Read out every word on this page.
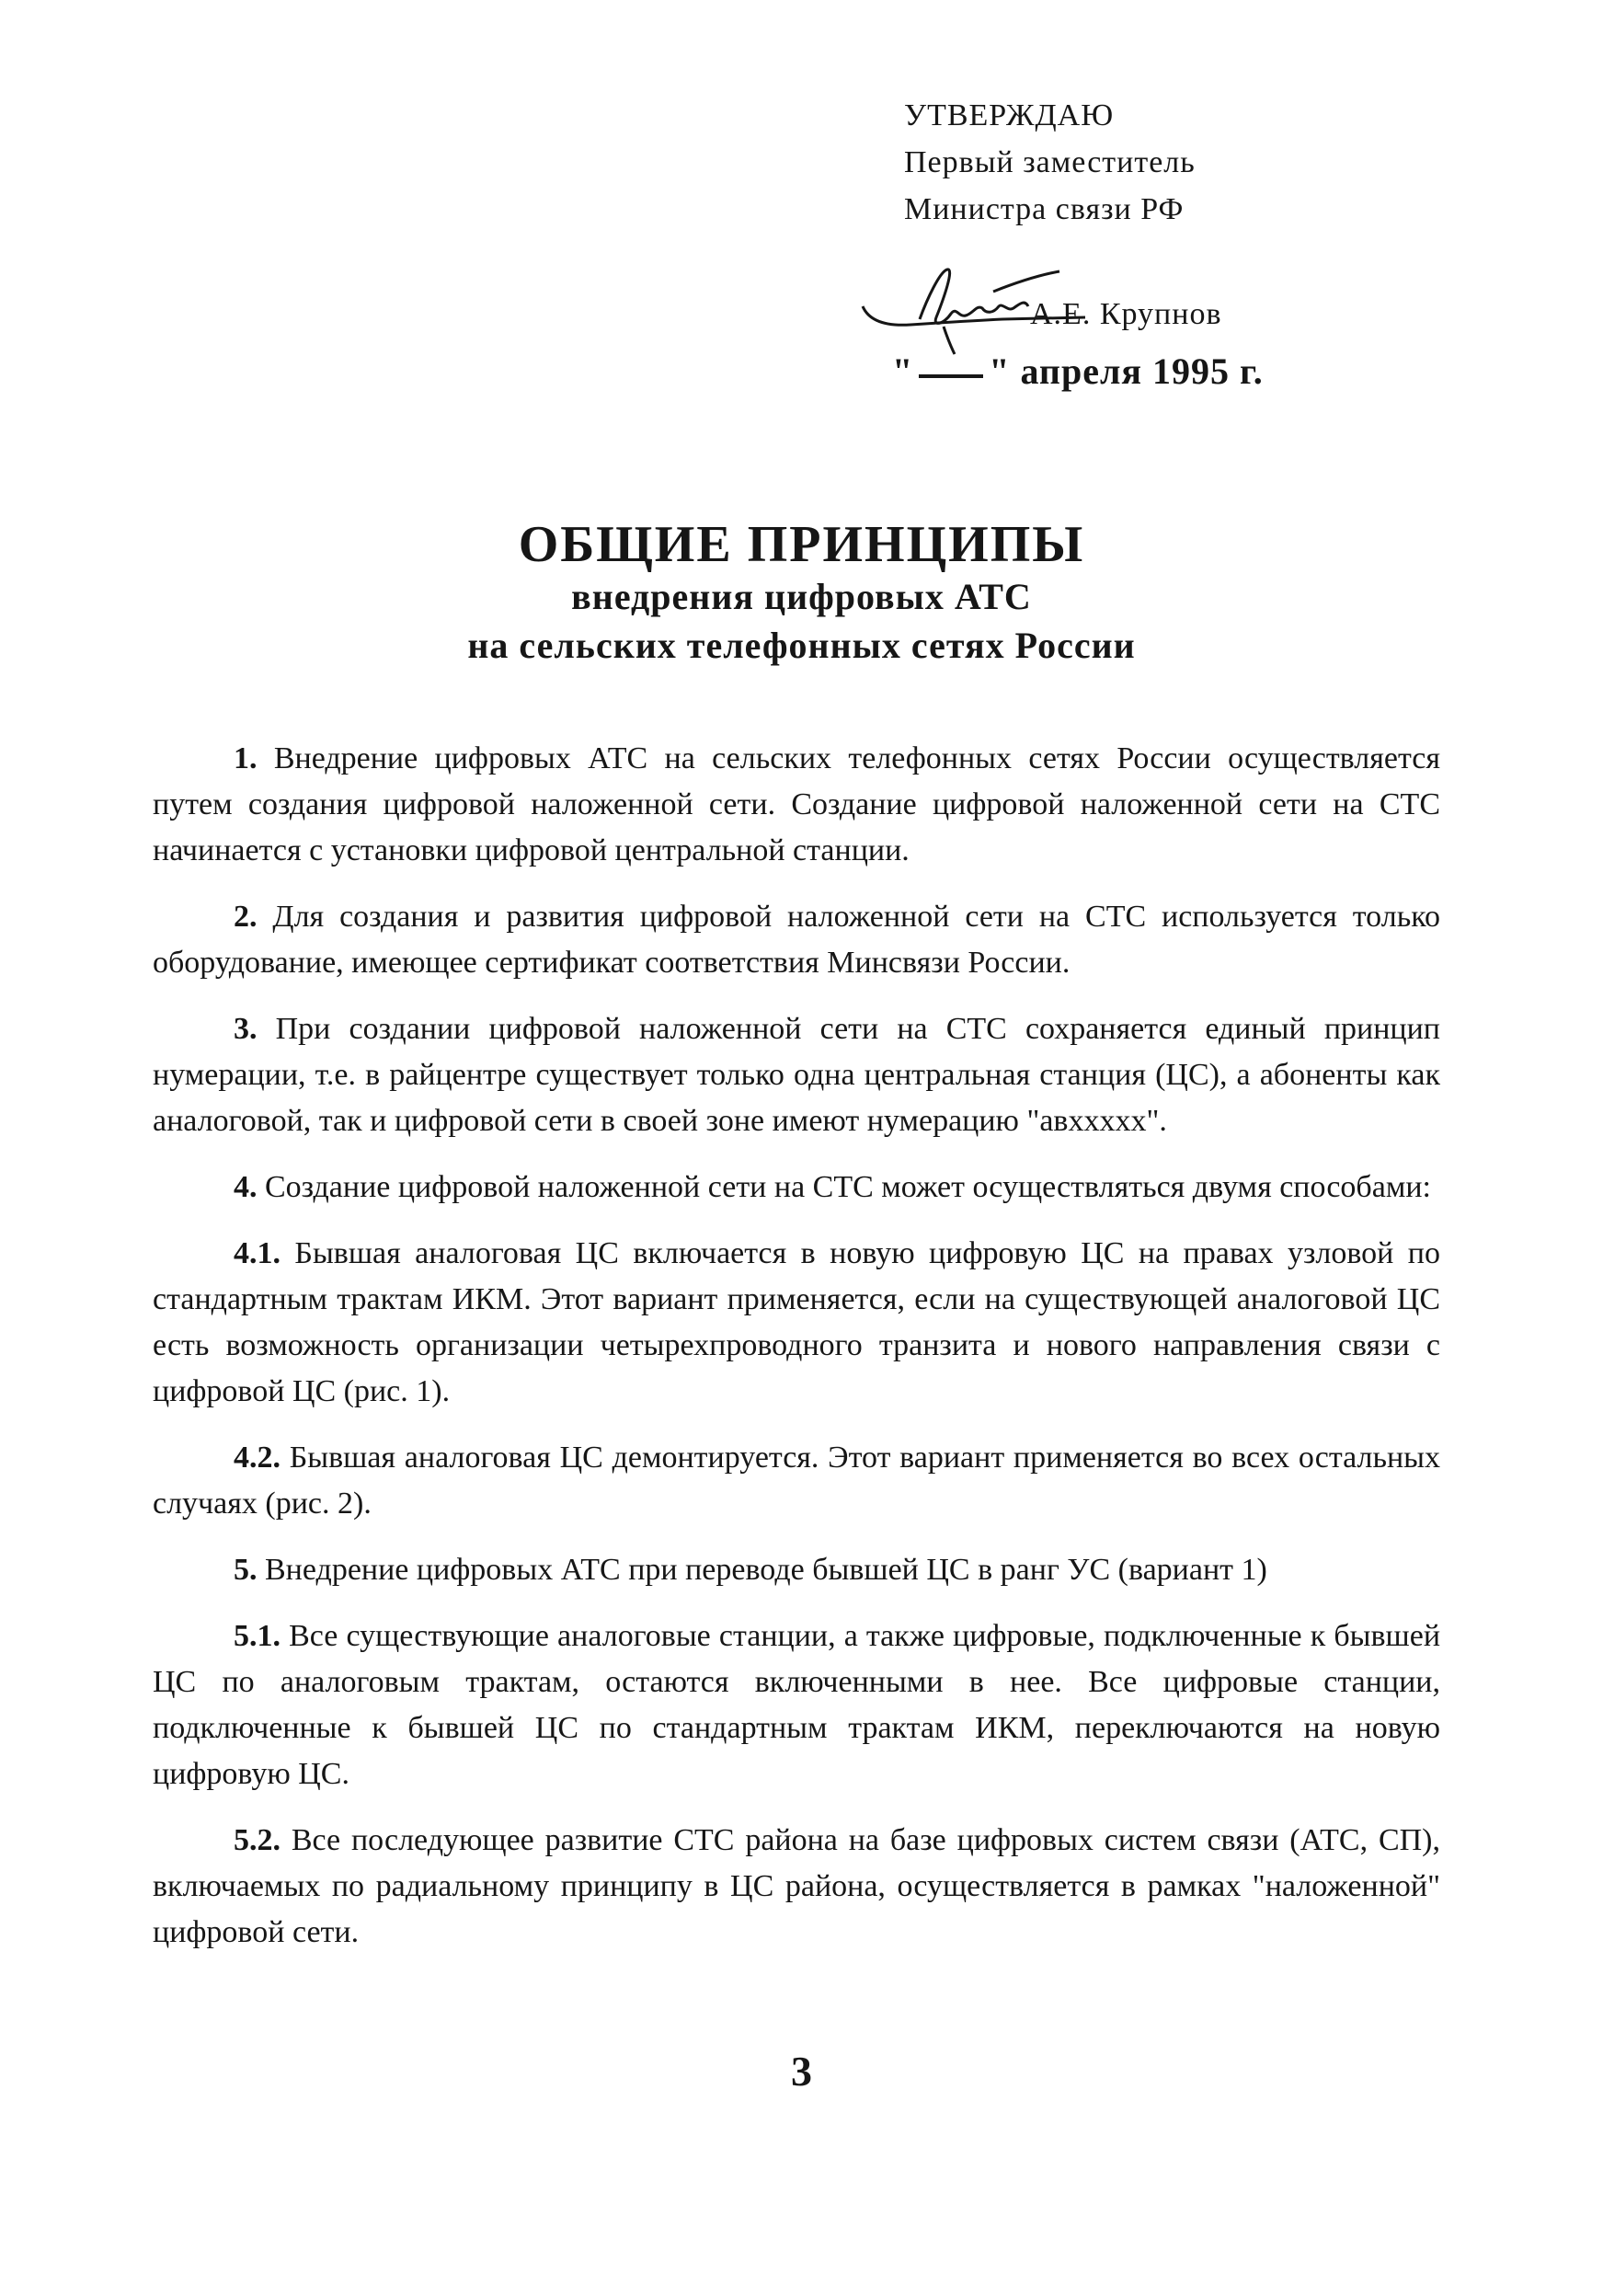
УТВЕРЖДАЮ
Первый заместитель
Министра связи РФ
А.Е. Крупнов
" " апреля 1995 г.
ОБЩИЕ ПРИНЦИПЫ
внедрения цифровых АТС
на сельских телефонных сетях России

1. Внедрение цифровых АТС на сельских телефонных сетях России осуществляется путем создания цифровой наложенной сети. Создание цифровой наложенной сети на СТС начинается с установки цифровой центральной станции.

2. Для создания и развития цифровой наложенной сети на СТС используется только оборудование, имеющее сертификат соответствия Минсвязи России.

3. При создании цифровой наложенной сети на СТС сохраняется единый принцип нумерации, т.е. в райцентре существует только одна центральная станция (ЦС), а абоненты как аналоговой, так и цифровой сети в своей зоне имеют нумерацию "авххххх".

4. Создание цифровой наложенной сети на СТС может осуществляться двумя способами:

4.1. Бывшая аналоговая ЦС включается в новую цифровую ЦС на правах узловой по стандартным трактам ИКМ. Этот вариант применяется, если на существующей аналоговой ЦС есть возможность организации четырехпроводного транзита и нового направления связи с цифровой ЦС (рис. 1).

4.2. Бывшая аналоговая ЦС демонтируется. Этот вариант применяется во всех остальных случаях (рис. 2).

5. Внедрение цифровых АТС при переводе бывшей ЦС в ранг УС (вариант 1)

5.1. Все существующие аналоговые станции, а также цифровые, подключенные к бывшей ЦС по аналоговым трактам, остаются включенными в нее. Все цифровые станции, подключенные к бывшей ЦС по стандартным трактам ИКМ, переключаются на новую цифровую ЦС.

5.2. Все последующее развитие СТС района на базе цифровых систем связи (АТС, СП), включаемых по радиальному принципу в ЦС района, осуществляется в рамках "наложенной" цифровой сети.

3
